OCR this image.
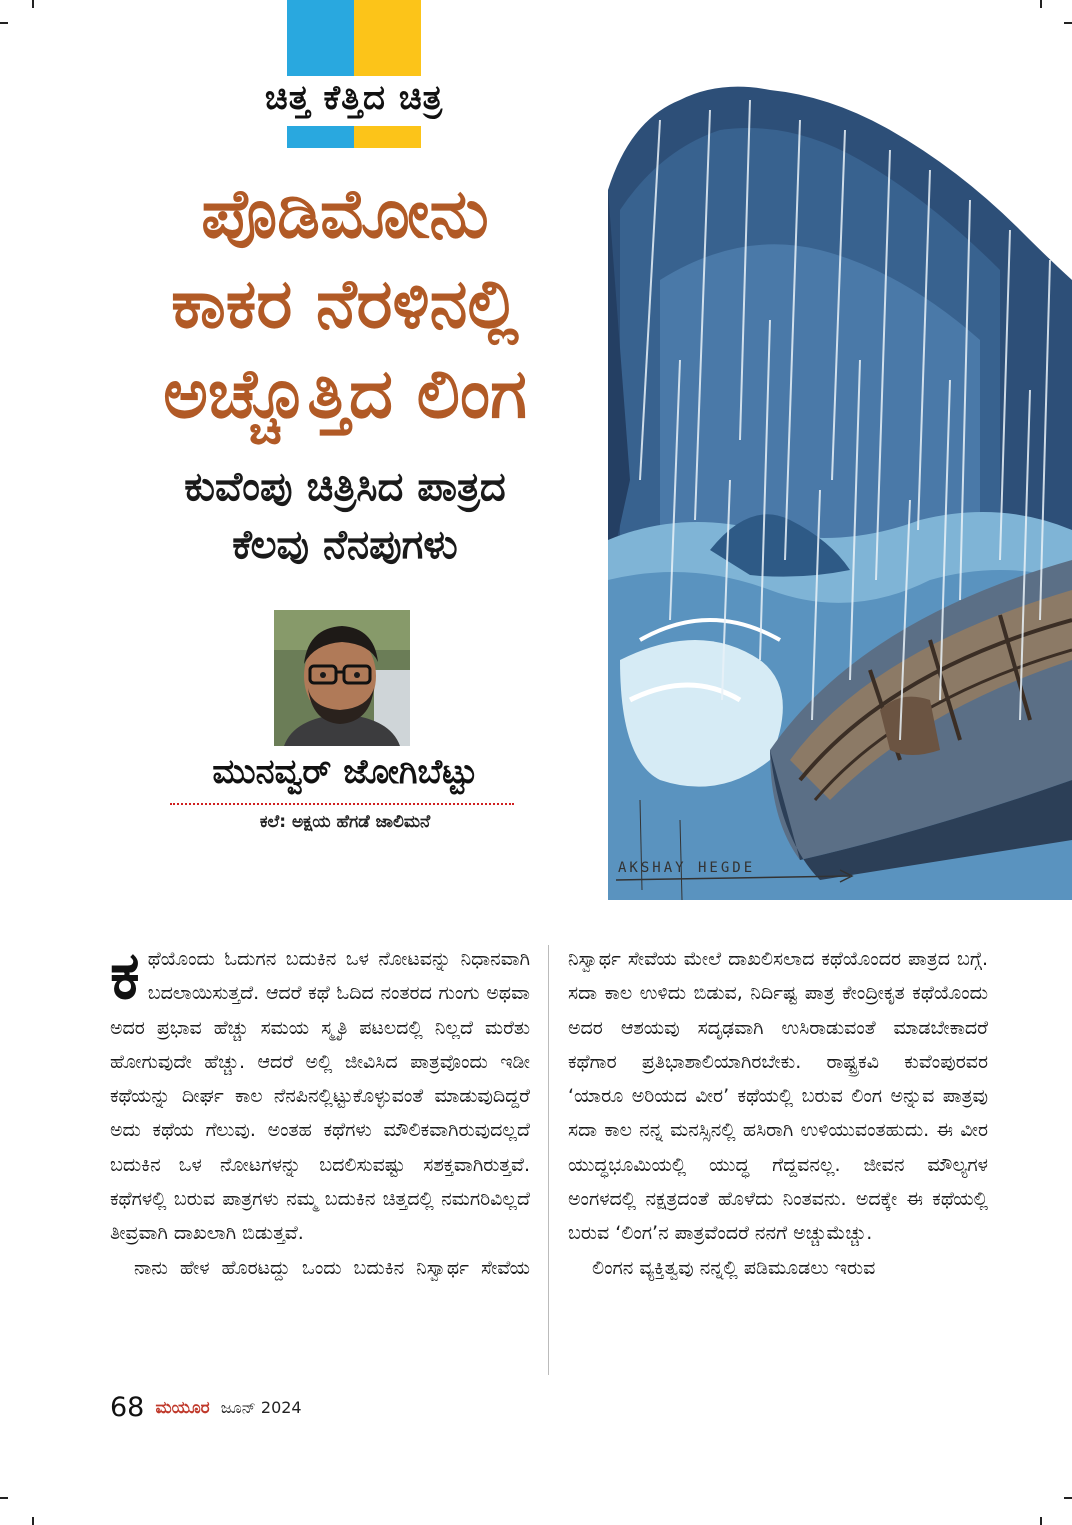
ಚಿತ್ತ ಕೆತ್ತಿದ ಚಿತ್ರ
ಪೊಡಿಮೋನು
ಕಾಕರ ನೆರಳಿನಲ್ಲಿ
ಅಚ್ಚೊತ್ತಿದ ಲಿಂಗ
ಕುವೆಂಪು ಚಿತ್ರಿಸಿದ ಪಾತ್ರದ
ಕೆಲವು ನೆನಪುಗಳು
ಮುನವ್ವರ್ ಜೋಗಿಬೆಟ್ಟು
ಕಲೆ: ಅಕ್ಷಯ ಹೆಗಡೆ ಜಾಲಿಮನೆ
AKSHAY HEGDE

ಕಥೆಯೊಂದು ಓದುಗನ ಬದುಕಿನ ಒಳ ನೋಟವನ್ನು ನಿಧಾನವಾಗಿ ಬದಲಾಯಿಸುತ್ತದೆ. ಆದರೆ ಕಥೆ ಓದಿದ ನಂತರದ ಗುಂಗು ಅಥವಾ ಅದರ ಪ್ರಭಾವ ಹೆಚ್ಚು ಸಮಯ ಸ್ಮೃತಿ ಪಟಲದಲ್ಲಿ ನಿಲ್ಲದೆ ಮರೆತು ಹೋಗುವುದೇ ಹೆಚ್ಚು. ಆದರೆ ಅಲ್ಲಿ ಜೀವಿಸಿದ ಪಾತ್ರವೊಂದು ಇಡೀ ಕಥೆಯನ್ನು ದೀರ್ಘ ಕಾಲ ನೆನಪಿನಲ್ಲಿಟ್ಟುಕೊಳ್ಳುವಂತೆ ಮಾಡುವುದಿದ್ದರೆ ಅದು ಕಥೆಯ ಗೆಲುವು. ಅಂತಹ ಕಥೆಗಳು ಮೌಲಿಕವಾಗಿರುವುದಲ್ಲದೆ ಬದುಕಿನ ಒಳ ನೋಟಗಳನ್ನು ಬದಲಿಸುವಷ್ಟು ಸಶಕ್ತವಾಗಿರುತ್ತವೆ. ಕಥೆಗಳಲ್ಲಿ ಬರುವ ಪಾತ್ರಗಳು ನಮ್ಮ ಬದುಕಿನ ಚಿತ್ತದಲ್ಲಿ ನಮಗರಿವಿಲ್ಲದೆ ತೀವ್ರವಾಗಿ ದಾಖಲಾಗಿ ಬಿಡುತ್ತವೆ.

ನಾನು ಹೇಳ ಹೊರಟದ್ದು ಒಂದು ಬದುಕಿನ ನಿಸ್ವಾರ್ಥ ಸೇವೆಯ

ನಿಸ್ವಾರ್ಥ ಸೇವೆಯ ಮೇಲೆ ದಾಖಲಿಸಲಾದ ಕಥೆಯೊಂದರ ಪಾತ್ರದ ಬಗ್ಗೆ. ಸದಾ ಕಾಲ ಉಳಿದು ಬಿಡುವ, ನಿರ್ದಿಷ್ಟ ಪಾತ್ರ ಕೇಂದ್ರೀಕೃತ ಕಥೆಯೊಂದು ಅದರ ಆಶಯವು ಸದೃಢವಾಗಿ ಉಸಿರಾಡುವಂತೆ ಮಾಡಬೇಕಾದರೆ ಕಥೆಗಾರ ಪ್ರತಿಭಾಶಾಲಿಯಾಗಿರಬೇಕು. ರಾಷ್ಟ್ರಕವಿ ಕುವೆಂಪುರವರ ‘ಯಾರೂ ಅರಿಯದ ವೀರ’ ಕಥೆಯಲ್ಲಿ ಬರುವ ಲಿಂಗ ಅನ್ನುವ ಪಾತ್ರವು ಸದಾ ಕಾಲ ನನ್ನ ಮನಸ್ಸಿನಲ್ಲಿ ಹಸಿರಾಗಿ ಉಳಿಯುವಂತಹುದು. ಈ ವೀರ ಯುದ್ಧಭೂಮಿಯಲ್ಲಿ ಯುದ್ಧ ಗೆದ್ದವನಲ್ಲ. ಜೀವನ ಮೌಲ್ಯಗಳ ಅಂಗಳದಲ್ಲಿ ನಕ್ಷತ್ರದಂತೆ ಹೊಳೆದು ನಿಂತವನು. ಅದಕ್ಕೇ ಈ ಕಥೆಯಲ್ಲಿ ಬರುವ ‘ಲಿಂಗ’ನ ಪಾತ್ರವೆಂದರೆ ನನಗೆ ಅಚ್ಚುಮೆಚ್ಚು.

ಲಿಂಗನ ವ್ಯಕ್ತಿತ್ವವು ನನ್ನಲ್ಲಿ ಪಡಿಮೂಡಲು ಇರುವ

68 ಮಯೂರ ಜೂನ್ 2024
